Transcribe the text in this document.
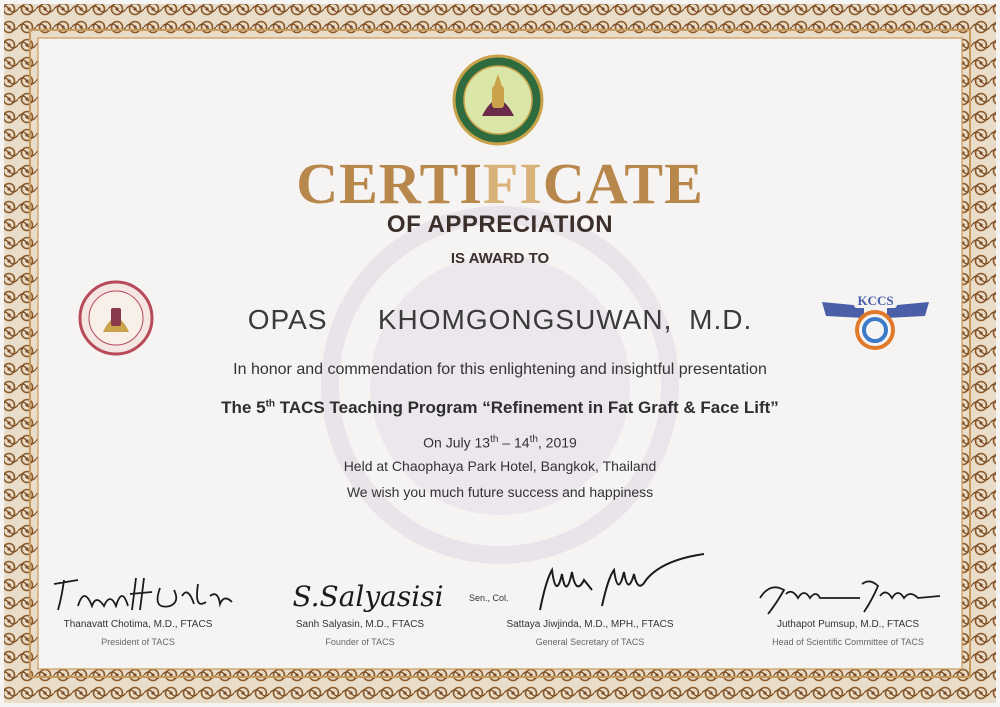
KCCS
CERTIFICATE
OF APPRECIATION
IS AWARD TO
OPAS   KHOMGONGSUWAN, M.D.
In honor and commendation for this enlightening and insightful presentation
The 5th TACS Teaching Program “Refinement in Fat Graft & Face Lift”
On July 13th – 14th, 2019
Held at Chaophaya Park Hotel, Bangkok, Thailand
We wish you much future success and happiness
Thanavatt Chotima, M.D., FTACS
President of TACS
S.Salyasisi
Sanh Salyasin, M.D., FTACS
Founder of TACS
Sen., Col.
Sattaya Jiwjinda, M.D., MPH., FTACS
General Secretary of TACS
Juthapot Pumsup, M.D., FTACS
Head of Scientific Committee of TACS
